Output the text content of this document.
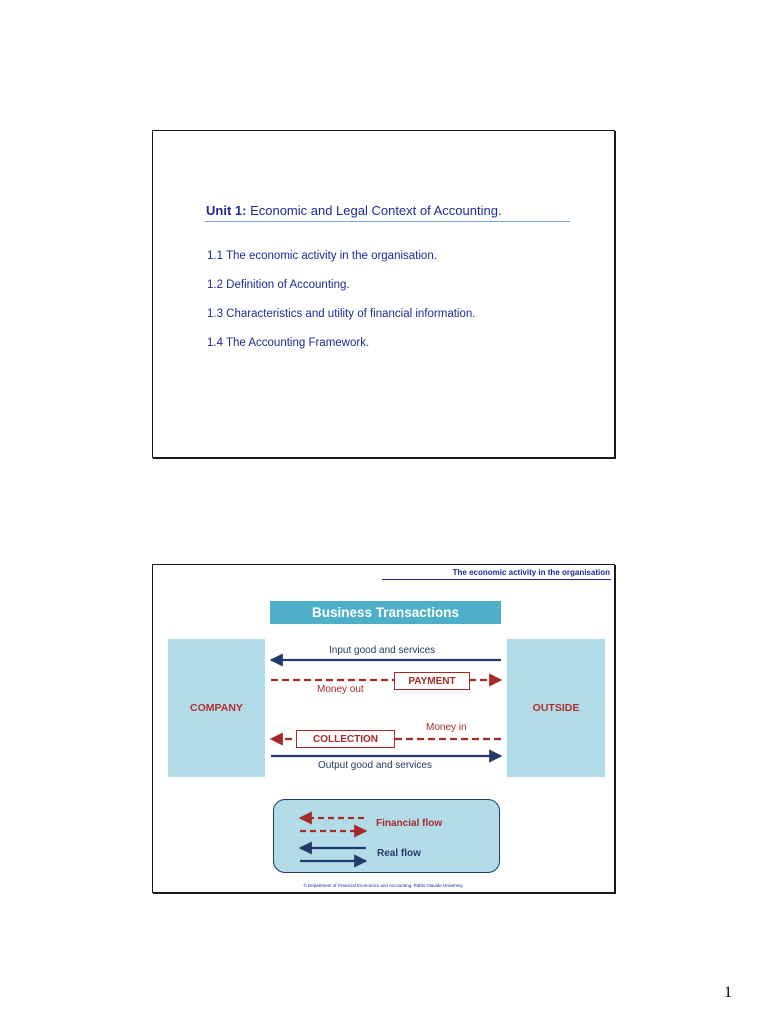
Unit 1: Economic and Legal Context of Accounting.
1.1 The economic activity in the organisation.
1.2 Definition of Accounting.
1.3 Characteristics and utility of financial information.
1.4 The Accounting Framework.
The economic activity in the organisation
Business Transactions
COMPANY	OUTSIDE
Input good and services
Money out
PAYMENT
Money in
COLLECTION
Output good and services
Financial flow
Real flow
© Department of Financial Economics and Accounting. Pablo Olavide University.
1
